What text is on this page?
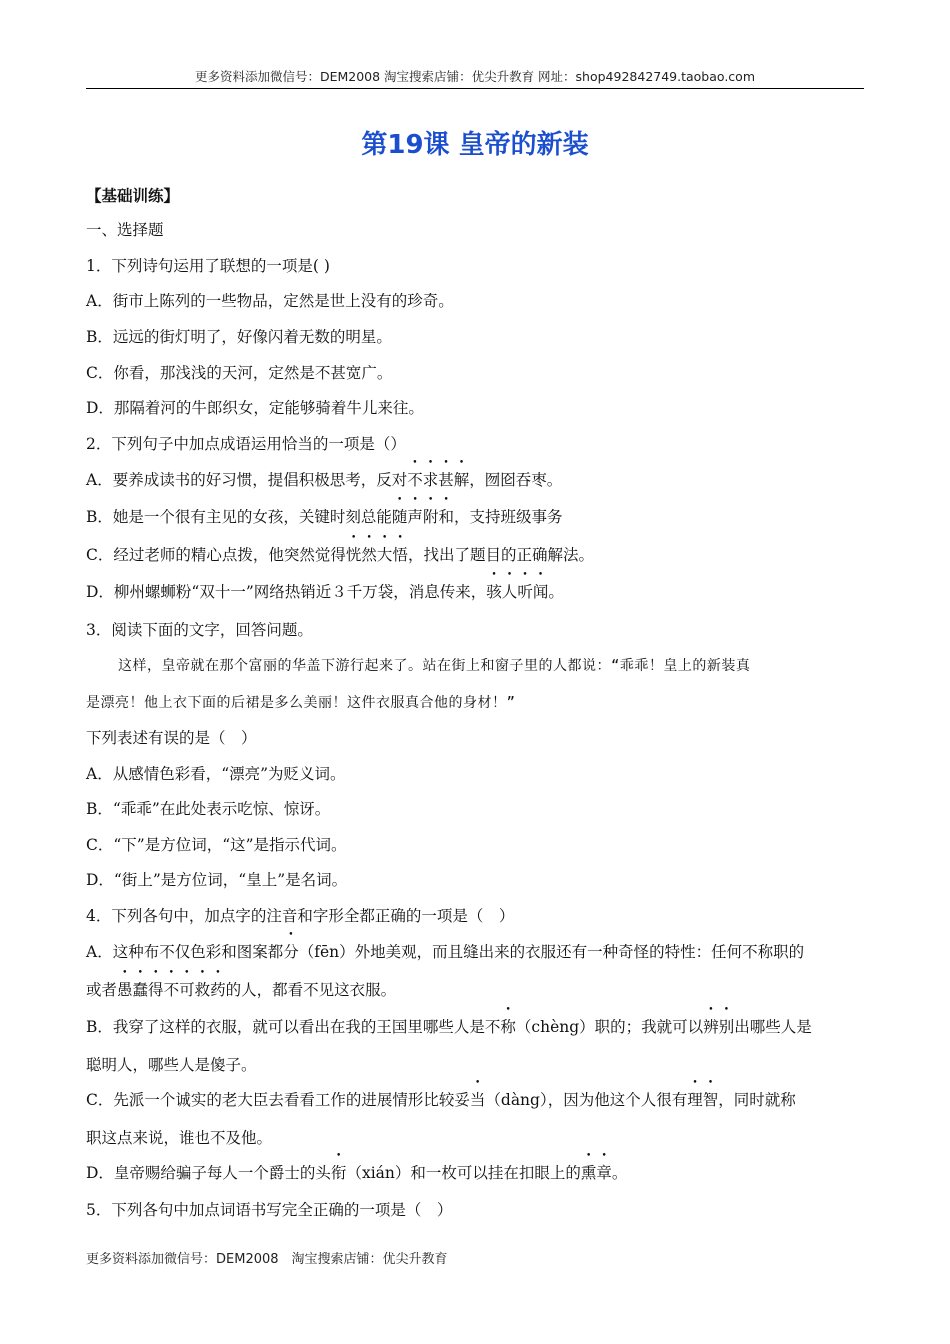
更多资料添加微信号：DEM2008 淘宝搜索店铺：优尖升教育 网址：shop492842749.taobao.com
第19课 皇帝的新装
【基础训练】
一、选择题
1．下列诗句运用了联想的一项是( )
A．街市上陈列的一些物品，定然是世上没有的珍奇。
B．远远的街灯明了，好像闪着无数的明星。
C．你看，那浅浅的天河，定然是不甚宽广。
D．那隔着河的牛郎织女，定能够骑着牛儿来往。
2．下列句子中加点成语运用恰当的一项是（）
A．要养成读书的好习惯，提倡积极思考，反对不求甚解，囫囵吞枣。
B．她是一个很有主见的女孩，关键时刻总能随声附和，支持班级事务
C．经过老师的精心点拨，他突然觉得恍然大悟，找出了题目的正确解法。
D．柳州螺蛳粉“双十一”网络热销近３千万袋，消息传来，骇人听闻。
3．阅读下面的文字，回答问题。
这样，皇帝就在那个富丽的华盖下游行起来了。站在街上和窗子里的人都说：“乖乖！皇上的新装真
是漂亮！他上衣下面的后裙是多么美丽！这件衣服真合他的身材！”
下列表述有误的是（　）
A．从感情色彩看，“漂亮”为贬义词。
B．“乖乖”在此处表示吃惊、惊讶。
C．“下”是方位词，“这”是指示代词。
D．“街上”是方位词，“皇上”是名词。
4．下列各句中，加点字的注音和字形全都正确的一项是（　）
A．这种布不仅色彩和图案都分（fēn）外地美观，而且缝出来的衣服还有一种奇怪的特性：任何不称职的
或者愚蠢得不可救药的人，都看不见这衣服。
B．我穿了这样的衣服，就可以看出在我的王国里哪些人是不称（chèng）职的；我就可以辨别出哪些人是
聪明人，哪些人是傻子。
C．先派一个诚实的老大臣去看看工作的进展情形比较妥当（dàng），因为他这个人很有理智，同时就称
职这点来说，谁也不及他。
D．皇帝赐给骗子每人一个爵士的头衔（xián）和一枚可以挂在扣眼上的熏章。
5．下列各句中加点词语书写完全正确的一项是（　）
更多资料添加微信号：DEM2008　淘宝搜索店铺：优尖升教育
